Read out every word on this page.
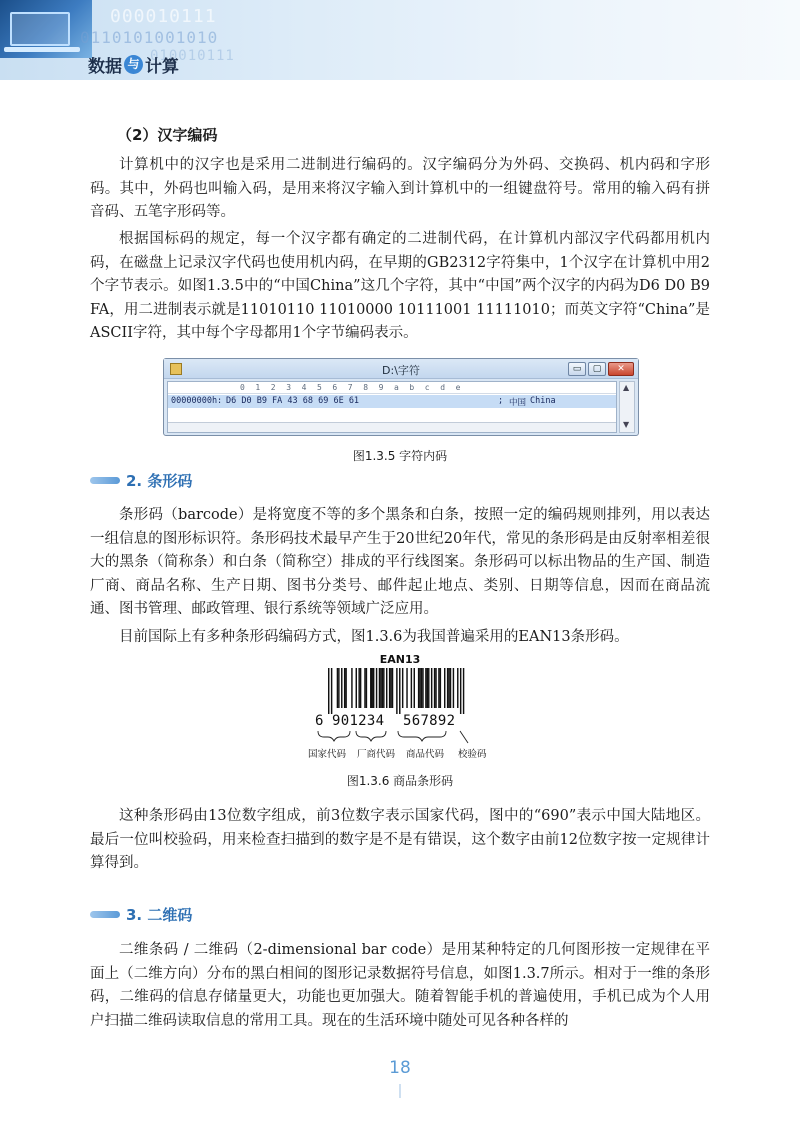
000010111
0110101001010
010010111
数据 与 计算
（2）汉字编码
计算机中的汉字也是采用二进制进行编码的。汉字编码分为外码、交换码、机内码和字形码。其中，外码也叫输入码，是用来将汉字输入到计算机中的一组键盘符号。常用的输入码有拼音码、五笔字形码等。
根据国标码的规定，每一个汉字都有确定的二进制代码，在计算机内部汉字代码都用机内码，在磁盘上记录汉字代码也使用机内码，在早期的GB2312字符集中，1个汉字在计算机中用2个字节表示。如图1.3.5中的“中国China”这几个字符，其中“中国”两个汉字的内码为D6 D0 B9 FA，用二进制表示就是11010110 11010000 10111001 11111010；而英文字符“China”是ASCII字符，其中每个字母都用1个字节编码表示。
D:\字符	▭	▢	✕
0 1 2 3 4 5 6 7 8 9 a b c d e
00000000h: D6 D0 B9 FA 43 68 69 6E 61	; 中国 China
▲
▼
图1.3.5 字符内码
2. 条形码
条形码（barcode）是将宽度不等的多个黑条和白条，按照一定的编码规则排列，用以表达一组信息的图形标识符。条形码技术最早产生于20世纪20年代，常见的条形码是由反射率相差很大的黑条（简称条）和白条（简称空）排成的平行线图案。条形码可以标出物品的生产国、制造厂商、商品名称、生产日期、图书分类号、邮件起止地点、类别、日期等信息，因而在商品流通、图书管理、邮政管理、银行系统等领域广泛应用。
目前国际上有多种条形码编码方式，图1.3.6为我国普遍采用的EAN13条形码。
EAN13
6 901234 567892
国家代码 厂商代码 商品代码 校验码
图1.3.6 商品条形码
这种条形码由13位数字组成，前3位数字表示国家代码，图中的“690”表示中国大陆地区。最后一位叫校验码，用来检查扫描到的数字是不是有错误，这个数字由前12位数字按一定规律计算得到。
3. 二维码
二维条码 / 二维码（2-dimensional bar code）是用某种特定的几何图形按一定规律在平面上（二维方向）分布的黑白相间的图形记录数据符号信息，如图1.3.7所示。相对于一维的条形码，二维码的信息存储量更大，功能也更加强大。随着智能手机的普遍使用，手机已成为个人用户扫描二维码读取信息的常用工具。现在的生活环境中随处可见各种各样的
18
